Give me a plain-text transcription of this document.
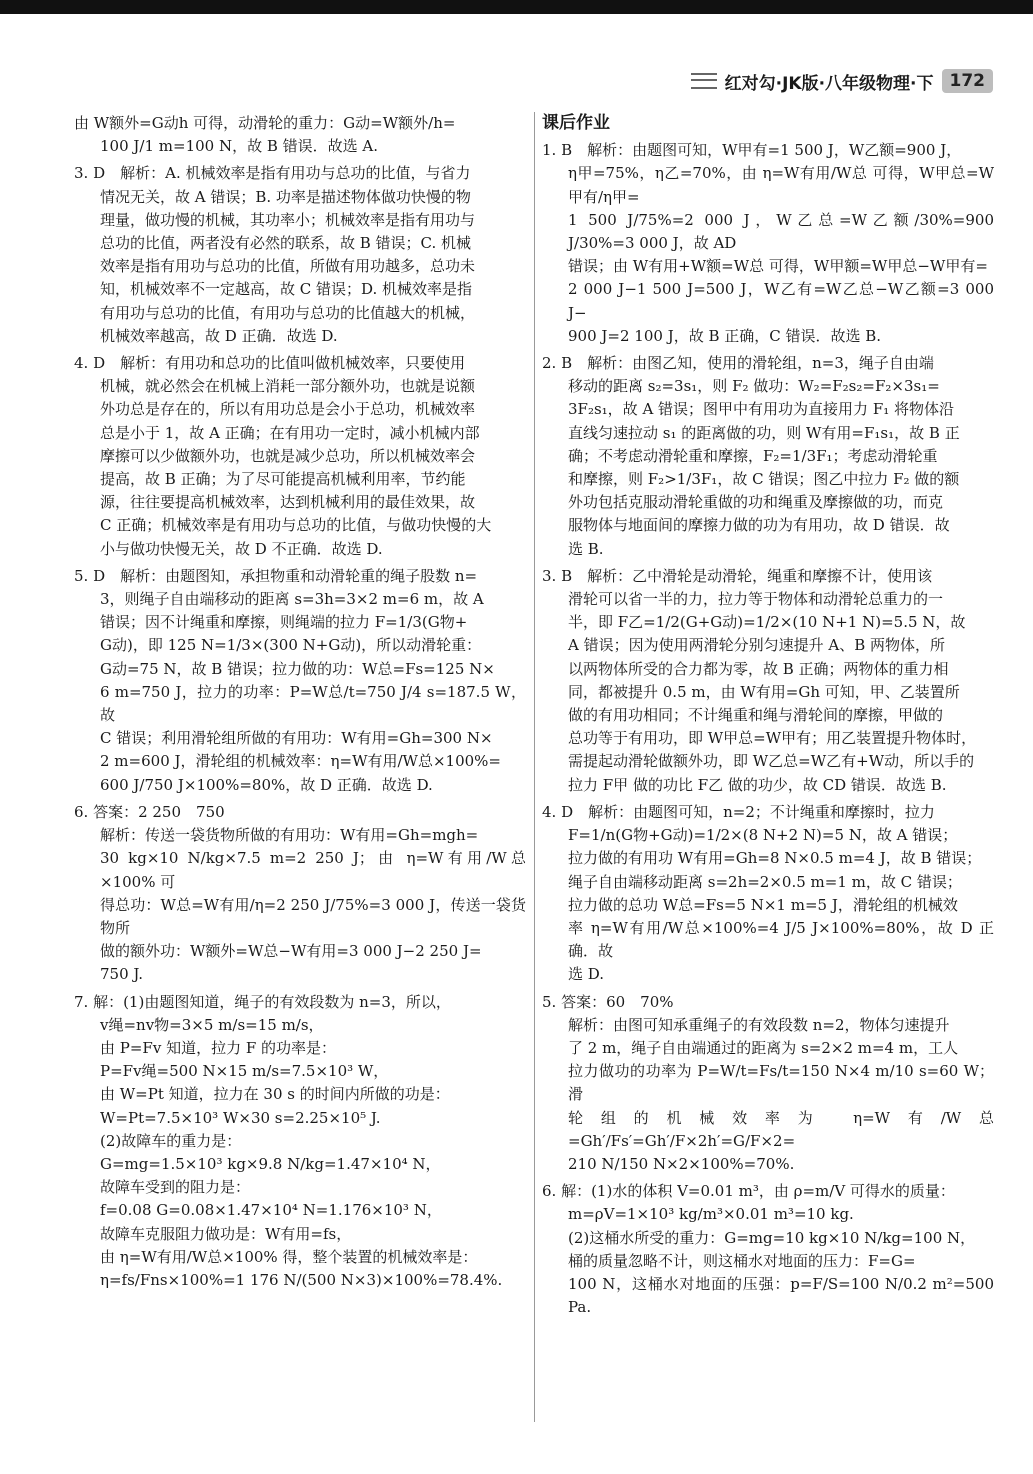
红对勾·JK版·八年级物理·下 172

由 W额外=G动h 可得，动滑轮的重力：G动=W额外/h=

100 J/1 m=100 N，故 B 错误．故选 A.

3. D　解析：A. 机械效率是指有用功与总功的比值，与省力

情况无关，故 A 错误；B. 功率是描述物体做功快慢的物

理量，做功慢的机械，其功率小；机械效率是指有用功与

总功的比值，两者没有必然的联系，故 B 错误；C. 机械

效率是指有用功与总功的比值，所做有用功越多，总功未

知，机械效率不一定越高，故 C 错误；D. 机械效率是指

有用功与总功的比值，有用功与总功的比值越大的机械，

机械效率越高，故 D 正确．故选 D.

4. D　解析：有用功和总功的比值叫做机械效率，只要使用

机械，就必然会在机械上消耗一部分额外功，也就是说额

外功总是存在的，所以有用功总是会小于总功，机械效率

总是小于 1，故 A 正确；在有用功一定时，减小机械内部

摩擦可以少做额外功，也就是减少总功，所以机械效率会

提高，故 B 正确；为了尽可能提高机械利用率，节约能

源，往往要提高机械效率，达到机械利用的最佳效果，故

C 正确；机械效率是有用功与总功的比值，与做功快慢的大

小与做功快慢无关，故 D 不正确．故选 D.

5. D　解析：由题图知，承担物重和动滑轮重的绳子股数 n=

3，则绳子自由端移动的距离 s=3h=3×2 m=6 m，故 A

错误；因不计绳重和摩擦，则绳端的拉力 F=1/3(G物+

G动)，即 125 N=1/3×(300 N+G动)，所以动滑轮重：

G动=75 N，故 B 错误；拉力做的功：W总=Fs=125 N×

6 m=750 J，拉力的功率：P=W总/t=750 J/4 s=187.5 W，故

C 错误；利用滑轮组所做的有用功：W有用=Gh=300 N×

2 m=600 J，滑轮组的机械效率：η=W有用/W总×100%=

600 J/750 J×100%=80%，故 D 正确．故选 D.

6. 答案：2 250　750

解析：传送一袋货物所做的有用功：W有用=Gh=mgh=

30 kg×10 N/kg×7.5 m=2 250 J；由 η=W有用/W总×100% 可

得总功：W总=W有用/η=2 250 J/75%=3 000 J，传送一袋货物所

做的额外功：W额外=W总−W有用=3 000 J−2 250 J=

750 J.

7. 解：(1)由题图知道，绳子的有效段数为 n=3，所以，

v绳=nv物=3×5 m/s=15 m/s，

由 P=Fv 知道，拉力 F 的功率是：

P=Fv绳=500 N×15 m/s=7.5×10³ W，

由 W=Pt 知道，拉力在 30 s 的时间内所做的功是：

W=Pt=7.5×10³ W×30 s=2.25×10⁵ J.

(2)故障车的重力是：

G=mg=1.5×10³ kg×9.8 N/kg=1.47×10⁴ N，

故障车受到的阻力是：

f=0.08 G=0.08×1.47×10⁴ N=1.176×10³ N，

故障车克服阻力做功是：W有用=fs，

由 η=W有用/W总×100% 得，整个装置的机械效率是：

η=fs/Fns×100%=1 176 N/(500 N×3)×100%=78.4%.

课后作业

1. B　解析：由题图可知，W甲有=1 500 J，W乙额=900 J，

η甲=75%，η乙=70%，由 η=W有用/W总 可得，W甲总=W甲有/η甲=

1 500 J/75%=2 000 J，W乙总=W乙额/30%=900 J/30%=3 000 J，故 AD

错误；由 W有用+W额=W总 可得，W甲额=W甲总−W甲有=

2 000 J−1 500 J=500 J，W乙有=W乙总−W乙额=3 000 J−

900 J=2 100 J，故 B 正确，C 错误．故选 B.

2. B　解析：由图乙知，使用的滑轮组，n=3，绳子自由端

移动的距离 s₂=3s₁，则 F₂ 做功：W₂=F₂s₂=F₂×3s₁=

3F₂s₁，故 A 错误；图甲中有用功为直接用力 F₁ 将物体沿

直线匀速拉动 s₁ 的距离做的功，则 W有用=F₁s₁，故 B 正

确；不考虑动滑轮重和摩擦，F₂=1/3F₁；考虑动滑轮重

和摩擦，则 F₂>1/3F₁，故 C 错误；图乙中拉力 F₂ 做的额

外功包括克服动滑轮重做的功和绳重及摩擦做的功，而克

服物体与地面间的摩擦力做的功为有用功，故 D 错误．故

选 B.

3. B　解析：乙中滑轮是动滑轮，绳重和摩擦不计，使用该

滑轮可以省一半的力，拉力等于物体和动滑轮总重力的一

半，即 F乙=1/2(G+G动)=1/2×(10 N+1 N)=5.5 N，故

A 错误；因为使用两滑轮分别匀速提升 A、B 两物体，所

以两物体所受的合力都为零，故 B 正确；两物体的重力相

同，都被提升 0.5 m，由 W有用=Gh 可知，甲、乙装置所

做的有用功相同；不计绳重和绳与滑轮间的摩擦，甲做的

总功等于有用功，即 W甲总=W甲有；用乙装置提升物体时，

需提起动滑轮做额外功，即 W乙总=W乙有+W动，所以手的

拉力 F甲 做的功比 F乙 做的功少，故 CD 错误．故选 B.

4. D　解析：由题图可知，n=2；不计绳重和摩擦时，拉力

F=1/n(G物+G动)=1/2×(8 N+2 N)=5 N，故 A 错误；

拉力做的有用功 W有用=Gh=8 N×0.5 m=4 J，故 B 错误；

绳子自由端移动距离 s=2h=2×0.5 m=1 m，故 C 错误；

拉力做的总功 W总=Fs=5 N×1 m=5 J，滑轮组的机械效

率 η=W有用/W总×100%=4 J/5 J×100%=80%，故 D 正确．故

选 D.

5. 答案：60　70%

解析：由图可知承重绳子的有效段数 n=2，物体匀速提升

了 2 m，绳子自由端通过的距离为 s=2×2 m=4 m，工人

拉力做功的功率为 P=W/t=Fs/t=150 N×4 m/10 s=60 W；滑

轮组的机械效率为 η=W有/W总=Gh′/Fs′=Gh′/F×2h′=G/F×2=

210 N/150 N×2×100%=70%.

6. 解：(1)水的体积 V=0.01 m³，由 ρ=m/V 可得水的质量：

m=ρV=1×10³ kg/m³×0.01 m³=10 kg.

(2)这桶水所受的重力：G=mg=10 kg×10 N/kg=100 N，

桶的质量忽略不计，则这桶水对地面的压力：F=G=

100 N，这桶水对地面的压强：p=F/S=100 N/0.2 m²=500 Pa.
